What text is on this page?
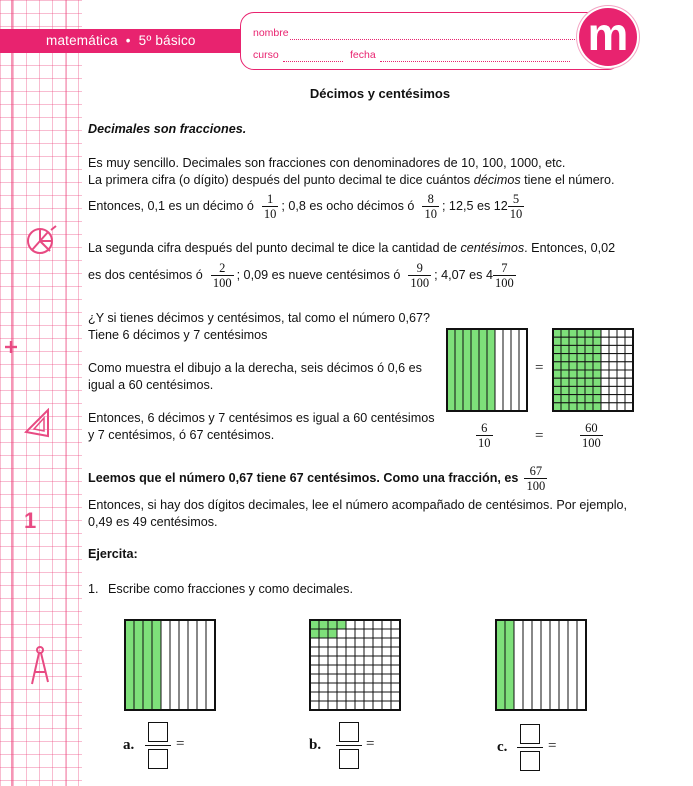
1
matemática • 5º básico	nombre
curso	fecha	m
Décimos y centésimos
Decimales son fracciones.
Es muy sencillo. Decimales son fracciones con denominadores de 10, 100, 1000, etc.
La primera cifra (o dígito) después del punto decimal te dice cuántos décimos tiene el número.
Entonces, 0,1 es un décimo ó $\frac{1}{10}$ ; 0,8 es ocho décimos ó $\frac{8}{10}$ ; 12,5 es $12 \frac{5}{10}$
La segunda cifra después del punto decimal te dice la cantidad de centésimos. Entonces, 0,02
es dos centésimos ó $\frac{2}{100}$ ; 0,09 es nueve centésimos ó $\frac{9}{100}$ ; 4,07 es $4 \frac{7}{100}$
¿Y si tienes décimos y centésimos, tal como el número 0,67?
Tiene 6 décimos y 7 centésimos
Como muestra el dibujo a la derecha, seis décimos ó 0,6 es
igual a 60 centésimos.
Entonces, 6 décimos y 7 centésimos es igual a 60 centésimos
y 7 centésimos, ó 67 centésimos.
=
$\frac{6}{10}$	=	$\frac{60}{100}$
Leemos que el número 0,67 tiene 67 centésimos. Como una fracción, es $\frac{67}{100}$
Entonces, si hay dos dígitos decimales, lee el número acompañado de centésimos. Por ejemplo,
0,49 es 49 centésimos.
Ejercita:
1. Escribe como fracciones y como decimales.
a.	=	b.	=	c.	=
